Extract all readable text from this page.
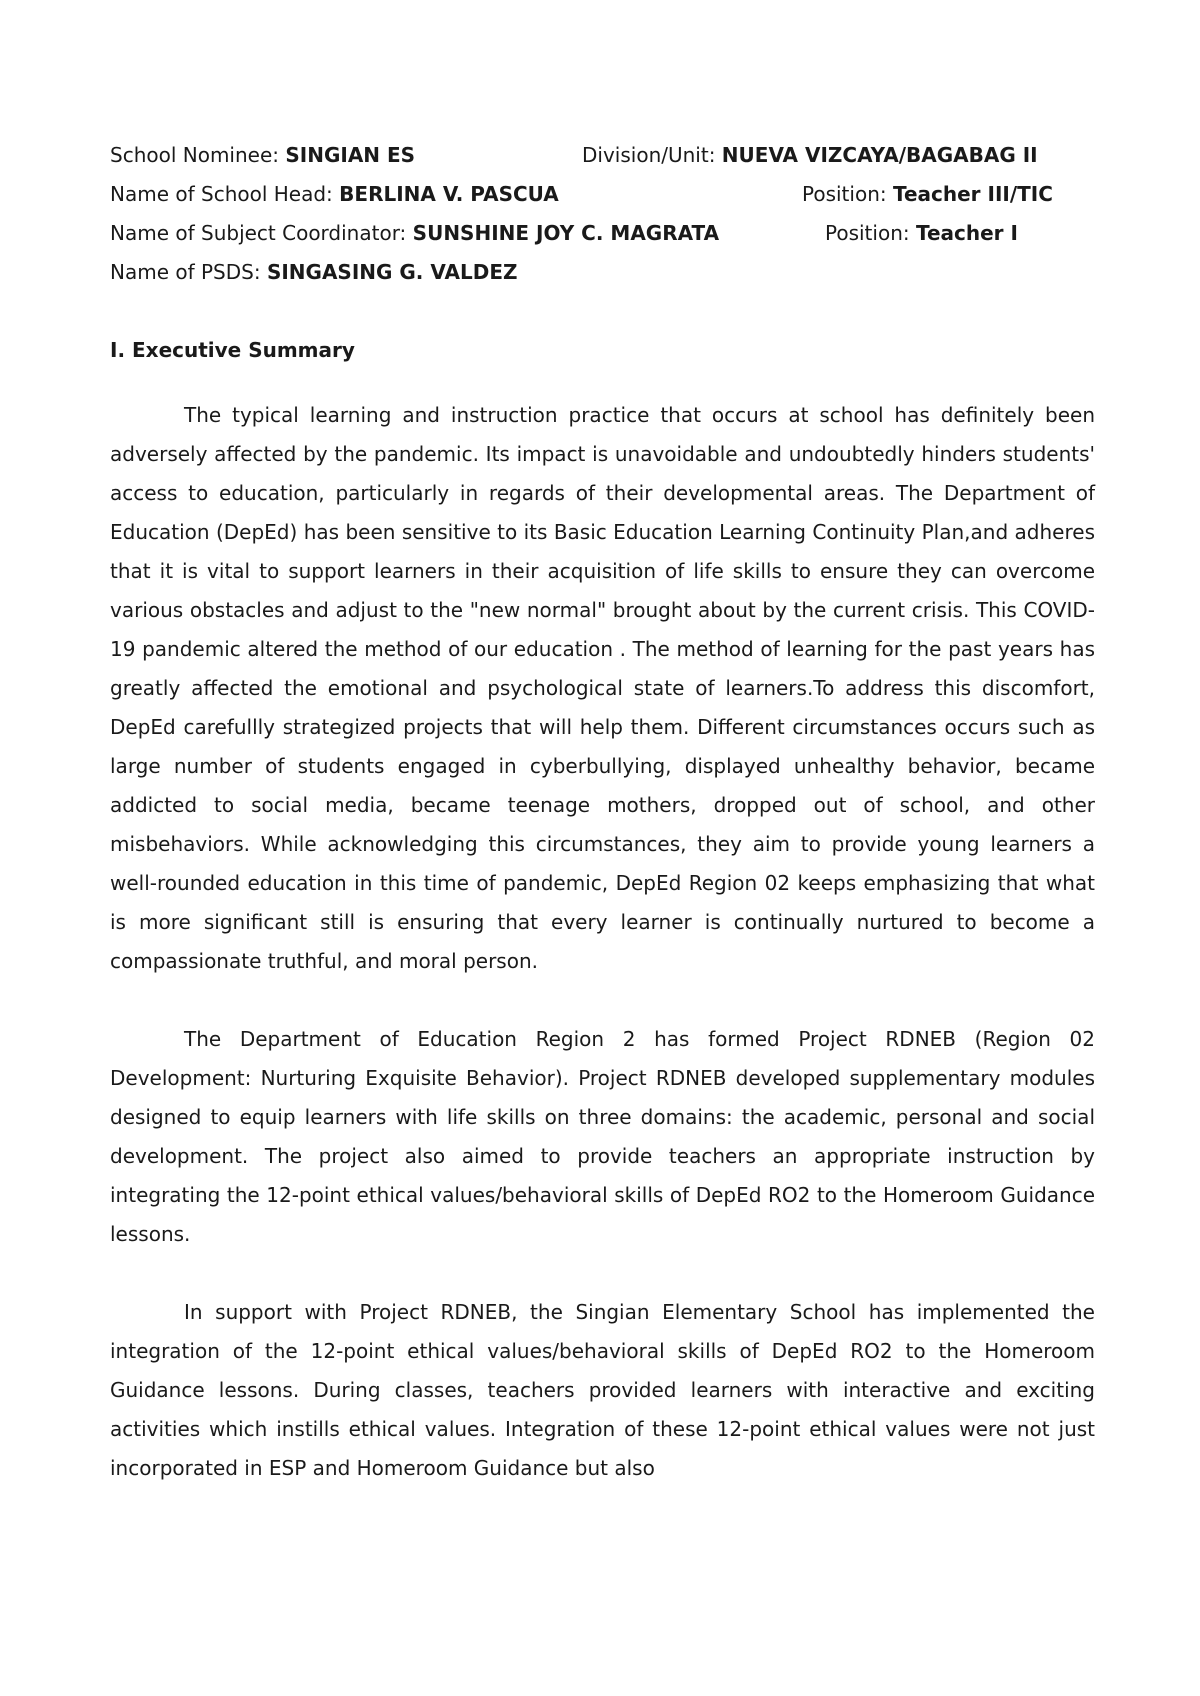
School Nominee: SINGIAN ES	Division/Unit: NUEVA VIZCAYA/BAGABAG II
Name of School Head: BERLINA V. PASCUA	Position: Teacher III/TIC
Name of Subject Coordinator: SUNSHINE JOY C. MAGRATA	Position: Teacher I
Name of PSDS: SINGASING G. VALDEZ
I. Executive Summary

The typical learning and instruction practice that occurs at school has definitely been adversely affected by the pandemic. Its impact is unavoidable and undoubtedly hinders students' access to education, particularly in regards of their developmental areas. The Department of Education (DepEd) has been sensitive to its Basic Education Learning Continuity Plan,and adheres that it is vital to support learners in their acquisition of life skills to ensure they can overcome various obstacles and adjust to the "new normal" brought about by the current crisis. This COVID-19 pandemic altered the method of our education . The method of learning for the past years has greatly affected the emotional and psychological state of learners.To address this discomfort, DepEd carefullly strategized projects that will help them. Different circumstances occurs such as large number of students engaged in cyberbullying, displayed unhealthy behavior, became addicted to social media, became teenage mothers, dropped out of school, and other misbehaviors. While acknowledging this circumstances, they aim to provide young learners a well-rounded education in this time of pandemic, DepEd Region 02 keeps emphasizing that what is more significant still is ensuring that every learner is continually nurtured to become a compassionate truthful, and moral person.

The Department of Education Region 2 has formed Project RDNEB (Region 02 Development: Nurturing Exquisite Behavior). Project RDNEB developed supplementary modules designed to equip learners with life skills on three domains: the academic, personal and social development. The project also aimed to provide teachers an appropriate instruction by integrating the 12-point ethical values/behavioral skills of DepEd RO2 to the Homeroom Guidance lessons.

In support with Project RDNEB, the Singian Elementary School has implemented the integration of the 12-point ethical values/behavioral skills of DepEd RO2 to the Homeroom Guidance lessons. During classes, teachers provided learners with interactive and exciting activities which instills ethical values. Integration of these 12-point ethical values were not just incorporated in ESP and Homeroom Guidance but also
